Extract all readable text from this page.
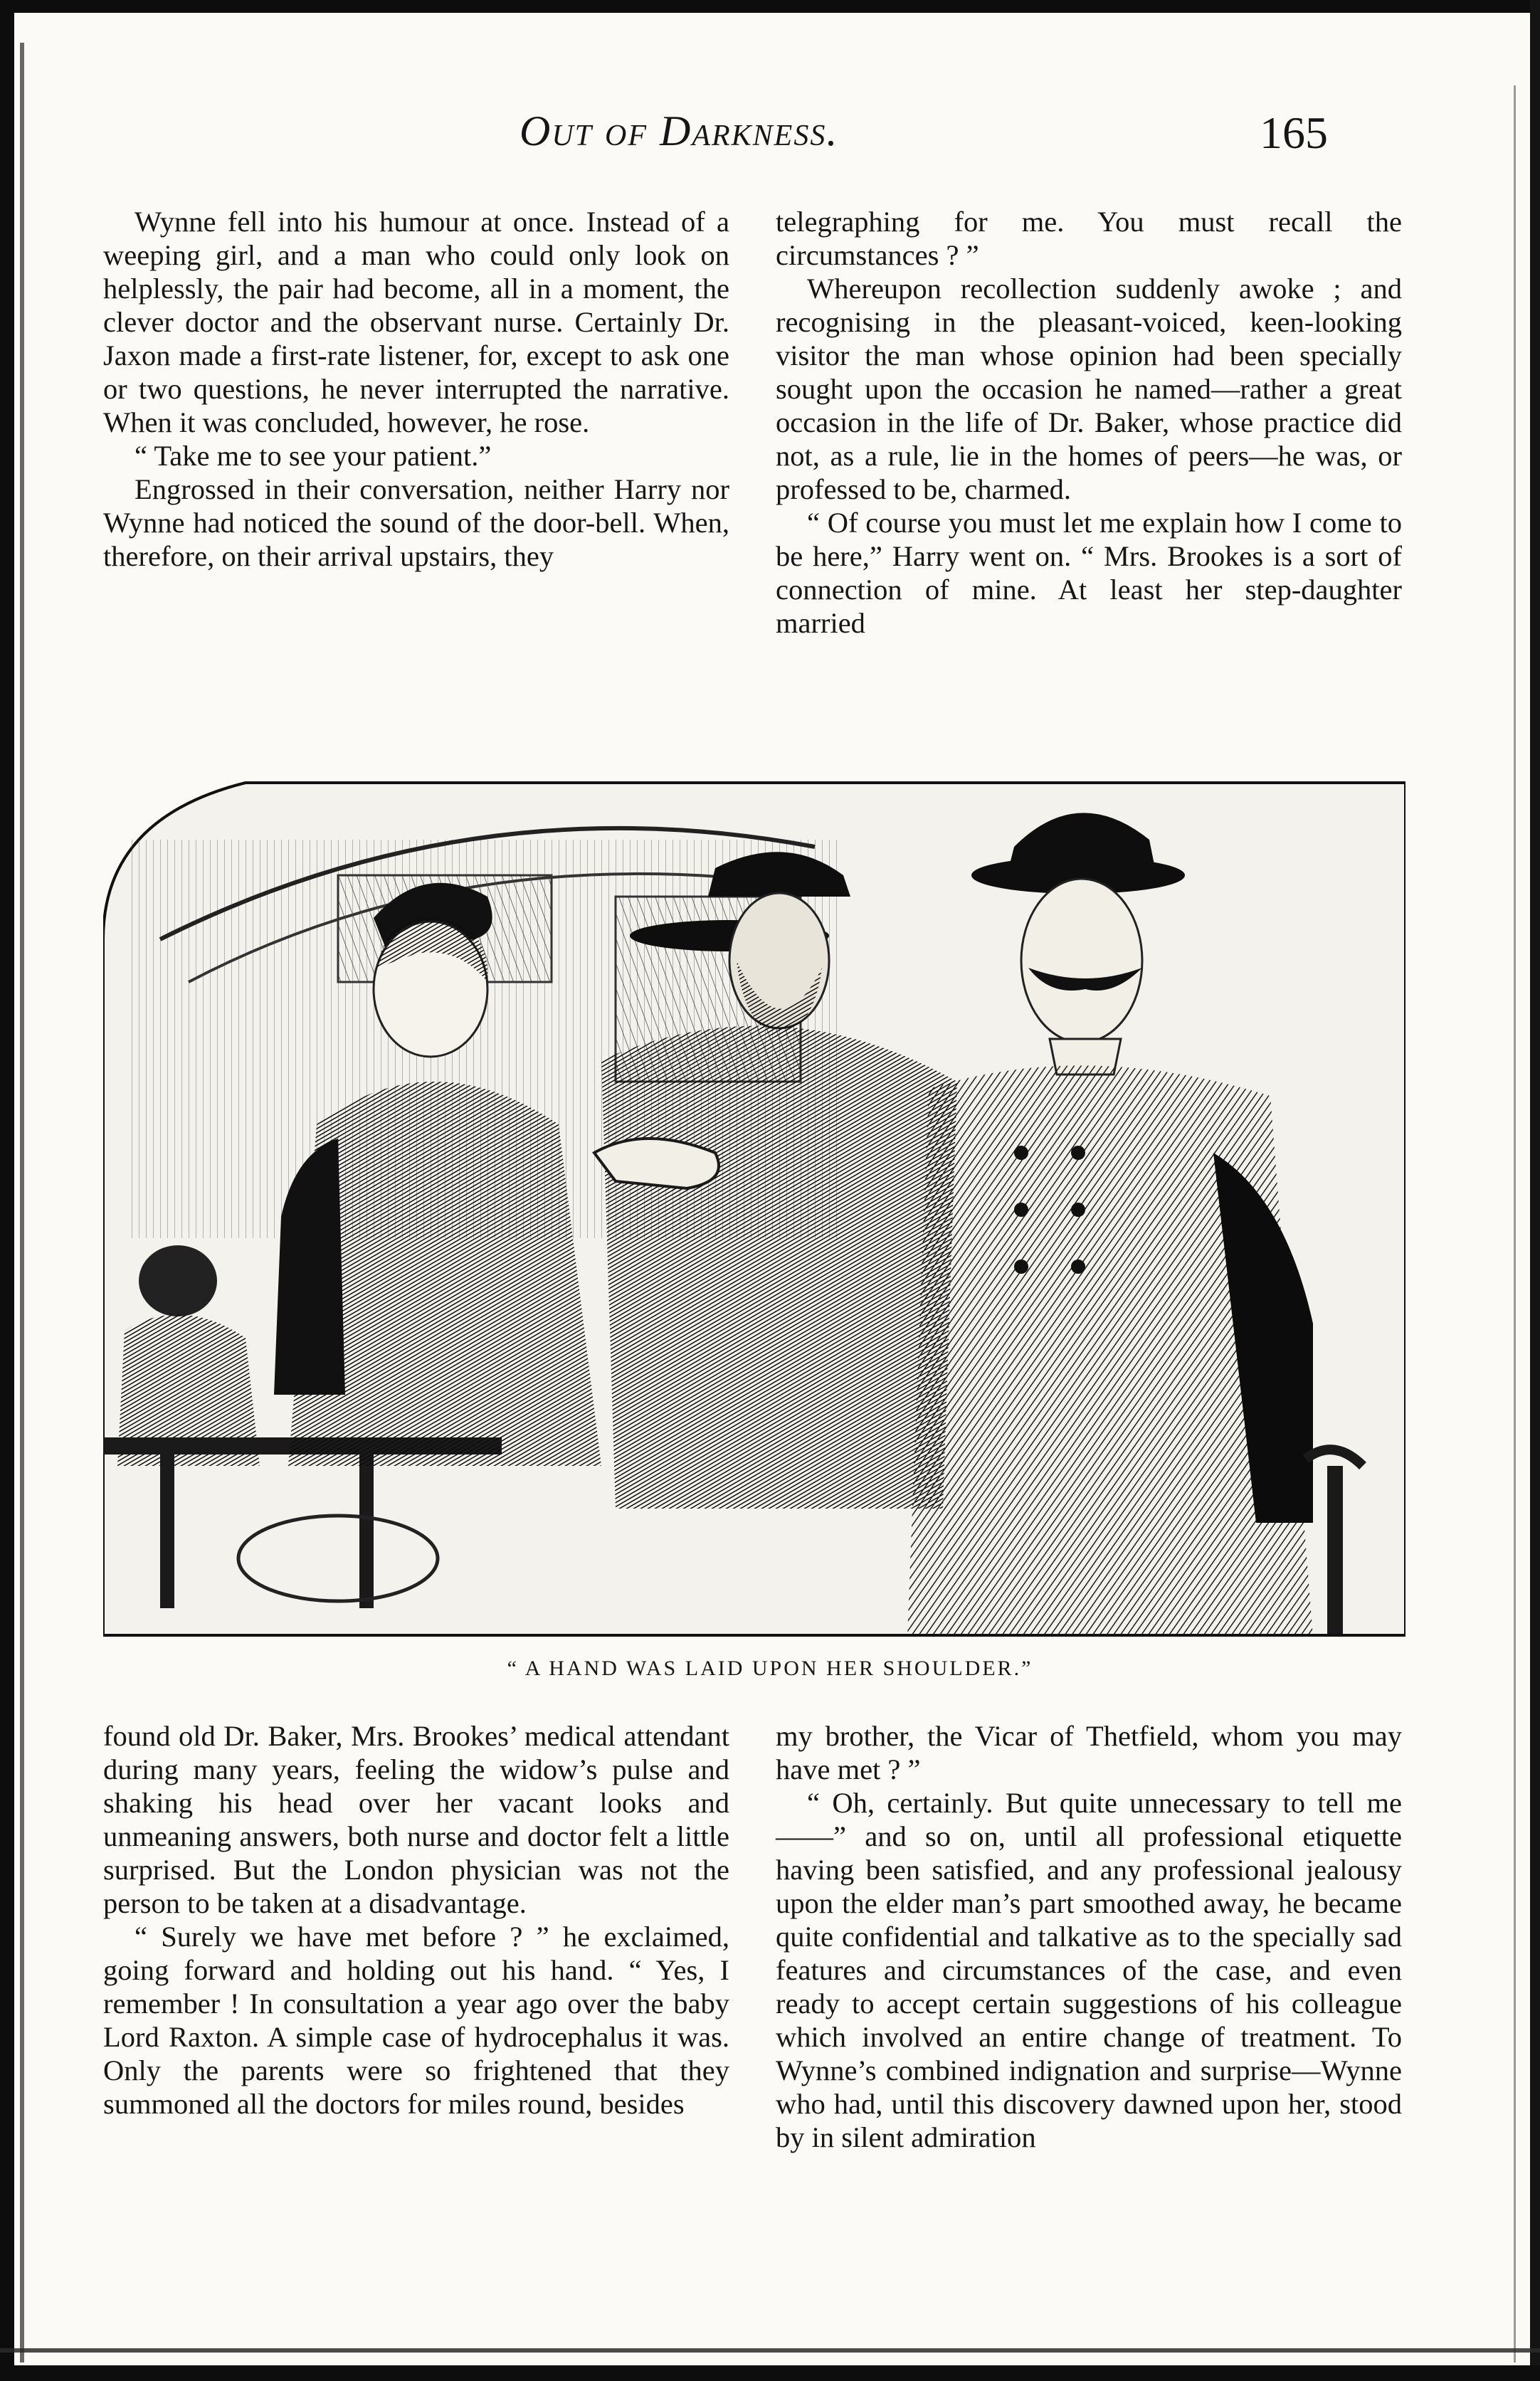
Out of Darkness.	165

Wynne fell into his humour at once. Instead of a weeping girl, and a man who could only look on helplessly, the pair had become, all in a moment, the clever doctor and the observant nurse. Certainly Dr. Jaxon made a first-rate listener, for, except to ask one or two questions, he never interrupted the narrative. When it was concluded, however, he rose.

“ Take me to see your patient.”

Engrossed in their conversation, neither Harry nor Wynne had noticed the sound of the door-bell. When, therefore, on their arrival upstairs, they

telegraphing for me. You must recall the circumstances ? ”

Whereupon recollection suddenly awoke ; and recognising in the pleasant-voiced, keen-looking visitor the man whose opinion had been specially sought upon the occasion he named—rather a great occasion in the life of Dr. Baker, whose practice did not, as a rule, lie in the homes of peers—he was, or professed to be, charmed.

“ Of course you must let me explain how I come to be here,” Harry went on. “ Mrs. Brookes is a sort of connection of mine. At least her step-daughter married

“ A HAND WAS LAID UPON HER SHOULDER.”

found old Dr. Baker, Mrs. Brookes’ medical attendant during many years, feeling the widow’s pulse and shaking his head over her vacant looks and unmeaning answers, both nurse and doctor felt a little surprised. But the London physician was not the person to be taken at a disadvantage.

“ Surely we have met before ? ” he exclaimed, going forward and holding out his hand. “ Yes, I remember ! In consultation a year ago over the baby Lord Raxton. A simple case of hydrocephalus it was. Only the parents were so frightened that they summoned all the doctors for miles round, besides

my brother, the Vicar of Thetfield, whom you may have met ? ”

“ Oh, certainly. But quite unnecessary to tell me——” and so on, until all professional etiquette having been satisfied, and any professional jealousy upon the elder man’s part smoothed away, he became quite confidential and talkative as to the specially sad features and circumstances of the case, and even ready to accept certain suggestions of his colleague which involved an entire change of treatment. To Wynne’s combined indignation and surprise—Wynne who had, until this discovery dawned upon her, stood by in silent admiration
